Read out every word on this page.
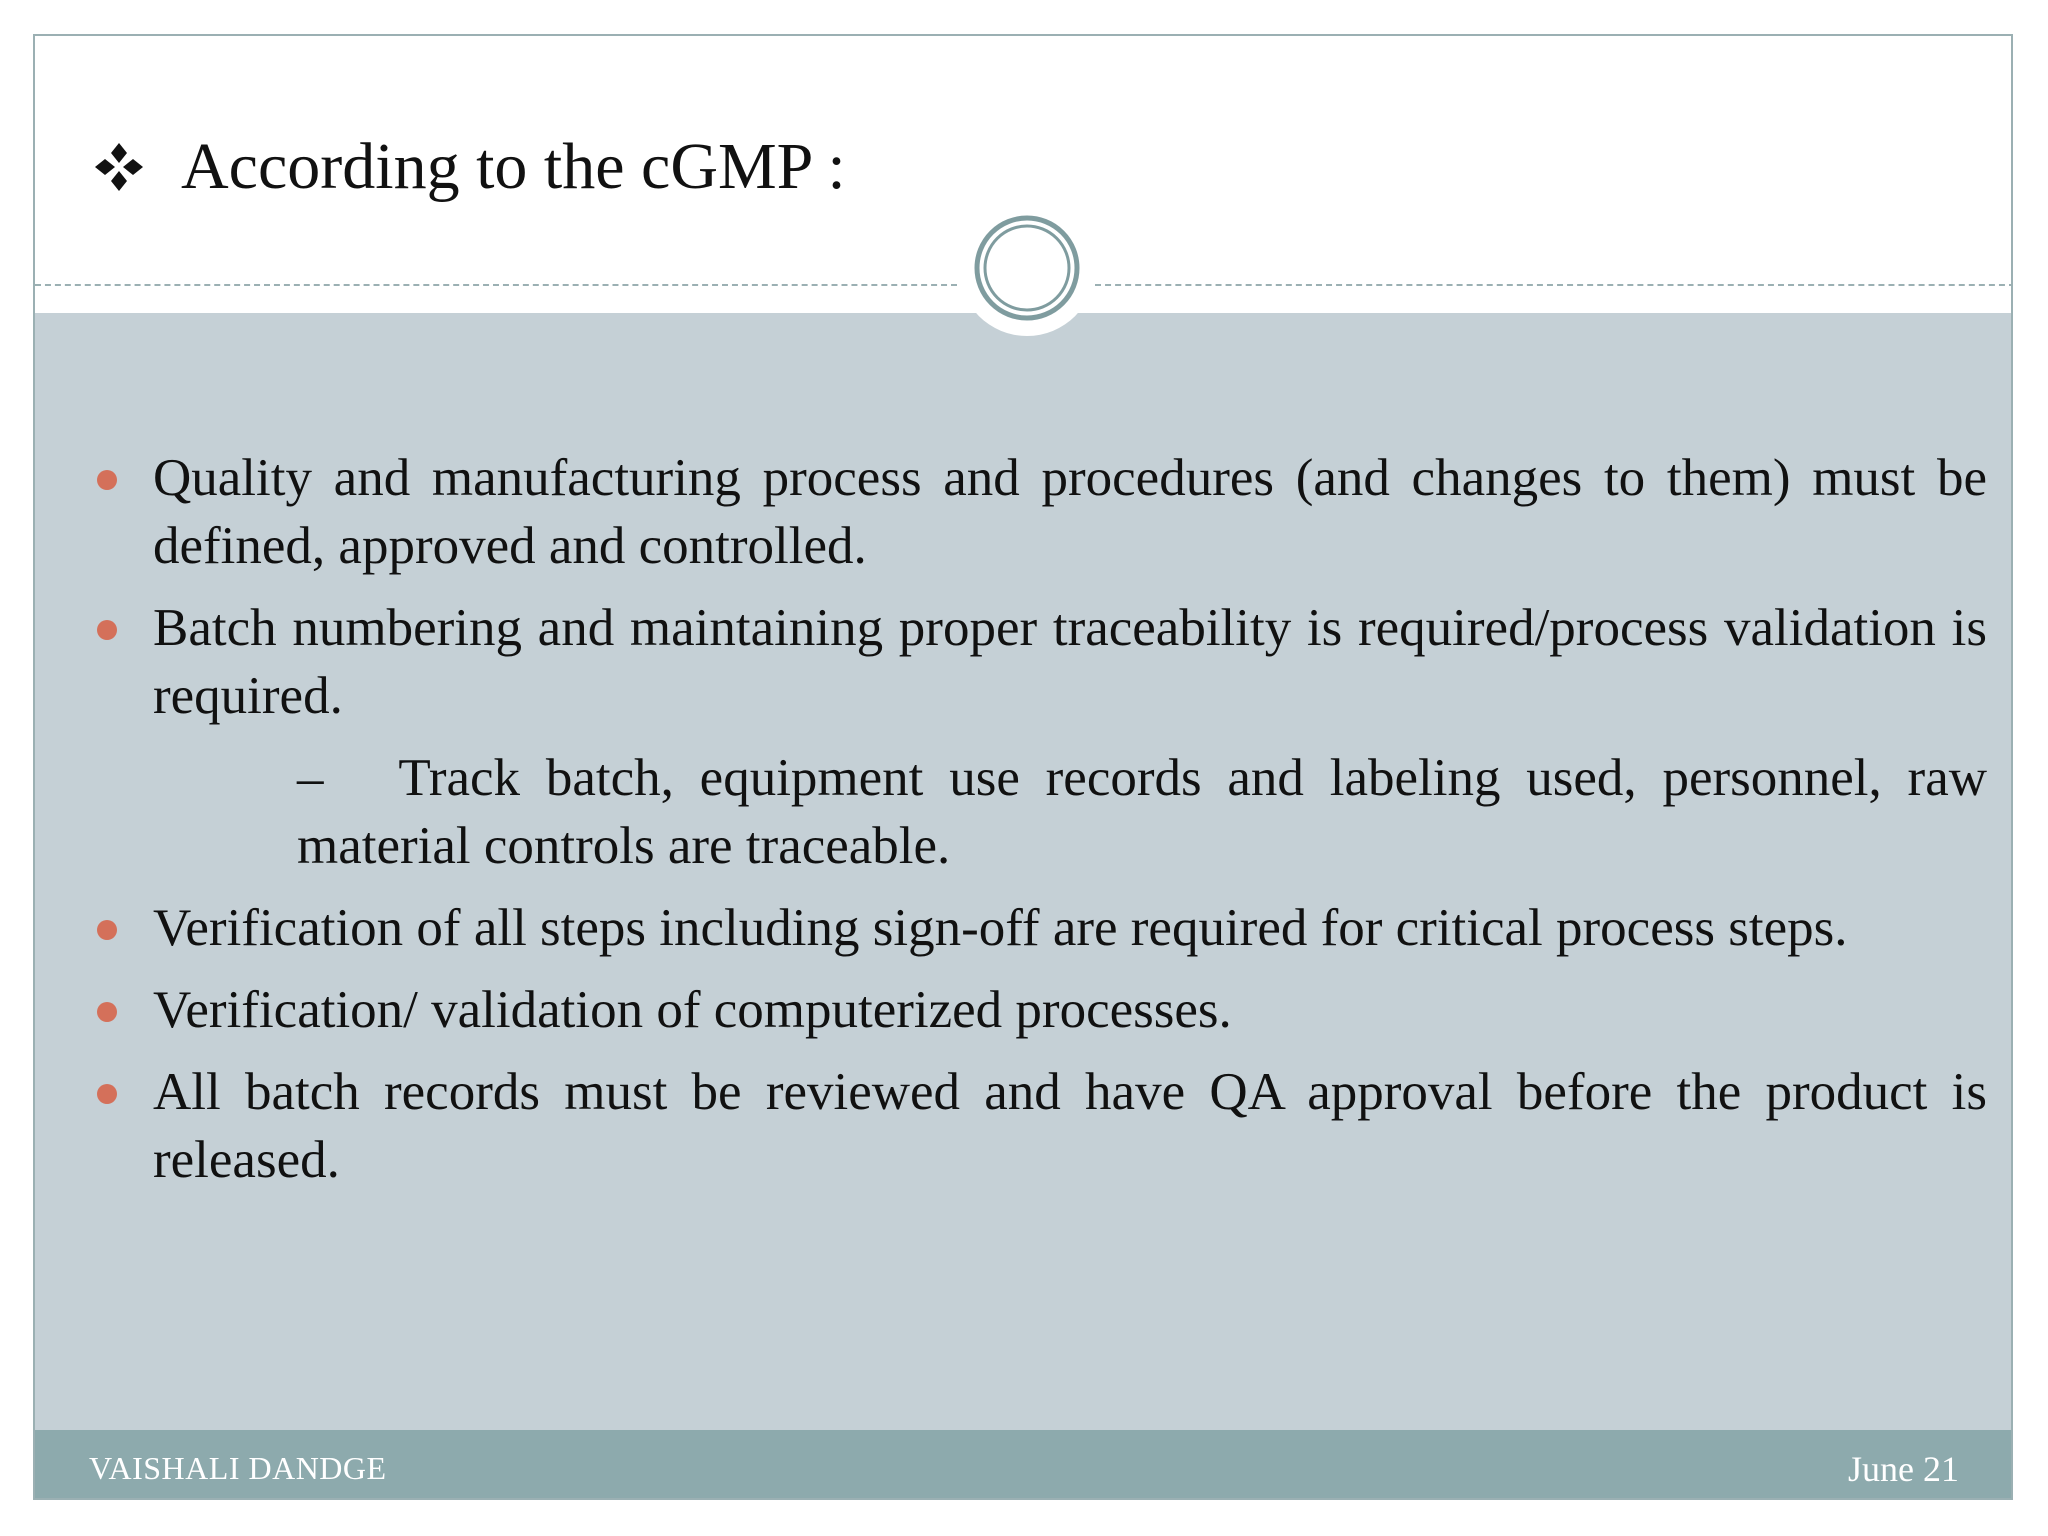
According to the cGMP :
Quality and manufacturing process and procedures (and changes to them) must be defined, approved and controlled.
Batch numbering and maintaining proper traceability is required/process validation is required.
– Track batch, equipment use records and labeling used, personnel, raw material controls are traceable.
Verification of all steps including sign-off are required for critical process steps.
Verification/ validation of computerized processes.
All batch records must be reviewed and have QA approval before the product is released.
VAISHALI DANDGE	June 21
